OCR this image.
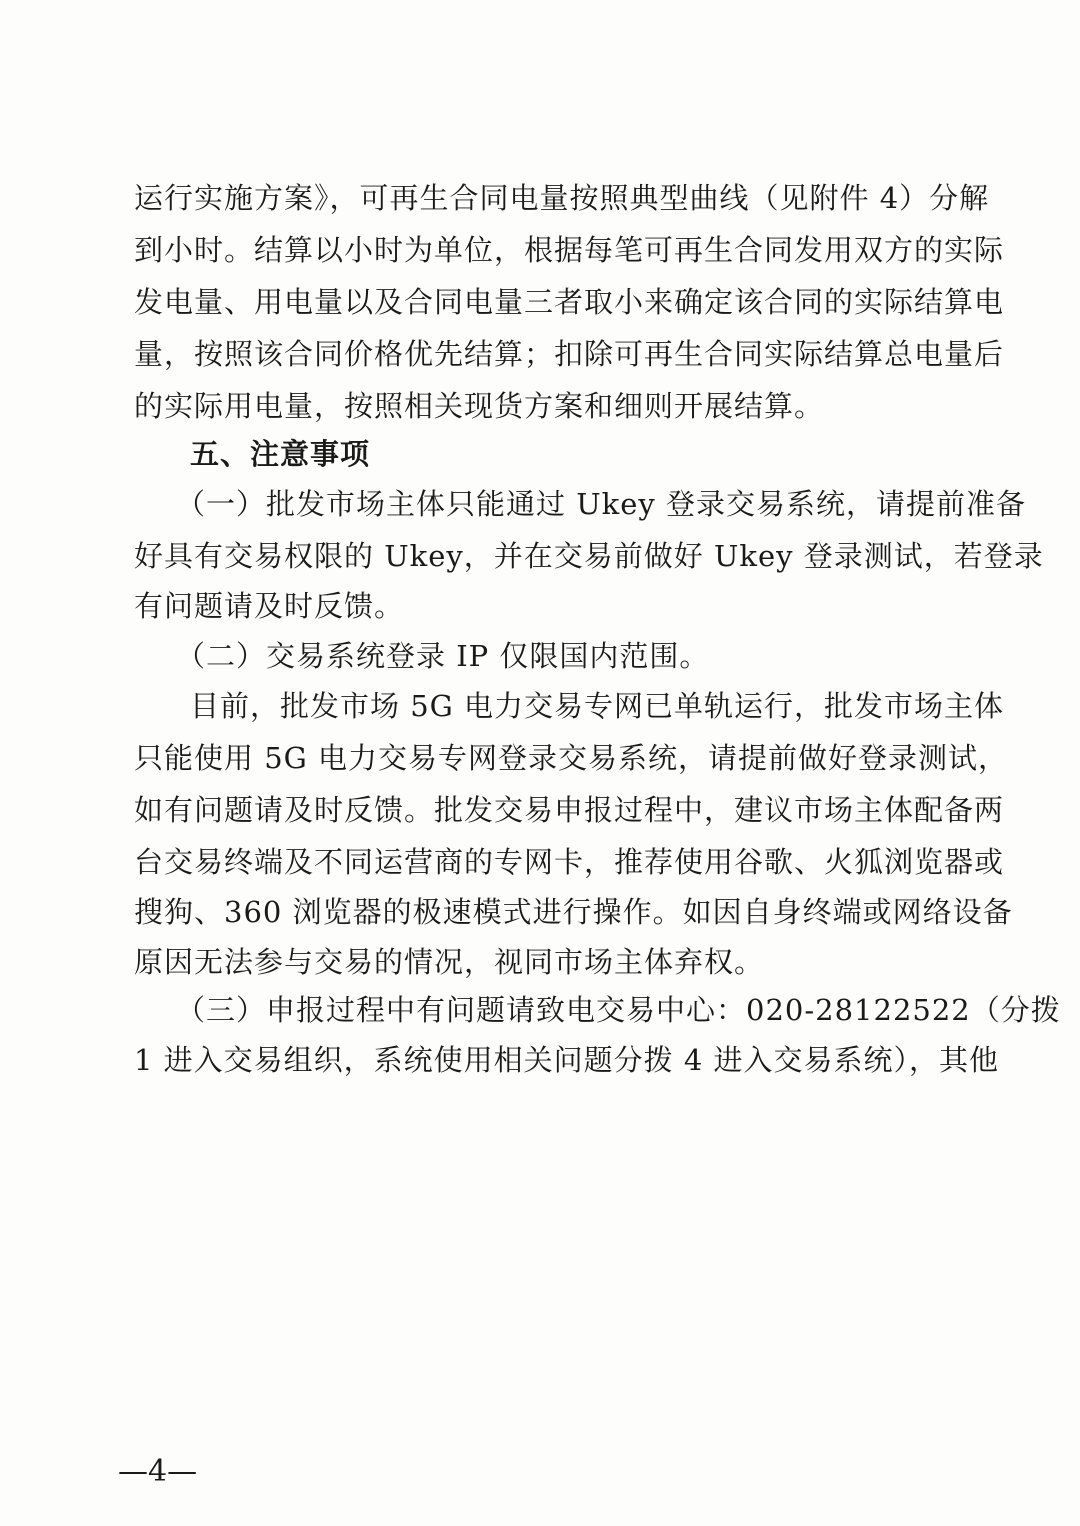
运行实施方案》，可再生合同电量按照典型曲线（见附件 4）分解
到小时。结算以小时为单位，根据每笔可再生合同发用双方的实际
发电量、用电量以及合同电量三者取小来确定该合同的实际结算电
量，按照该合同价格优先结算；扣除可再生合同实际结算总电量后
的实际用电量，按照相关现货方案和细则开展结算。
五、注意事项
（一）批发市场主体只能通过 Ukey 登录交易系统，请提前准备
好具有交易权限的 Ukey，并在交易前做好 Ukey 登录测试，若登录
有问题请及时反馈。
（二）交易系统登录 IP 仅限国内范围。
目前，批发市场 5G 电力交易专网已单轨运行，批发市场主体
只能使用 5G 电力交易专网登录交易系统，请提前做好登录测试，
如有问题请及时反馈。批发交易申报过程中，建议市场主体配备两
台交易终端及不同运营商的专网卡，推荐使用谷歌、火狐浏览器或
搜狗、360 浏览器的极速模式进行操作。如因自身终端或网络设备
原因无法参与交易的情况，视同市场主体弃权。
（三）申报过程中有问题请致电交易中心：020-28122522（分拨
1 进入交易组织，系统使用相关问题分拨 4 进入交易系统），其他
—4—
